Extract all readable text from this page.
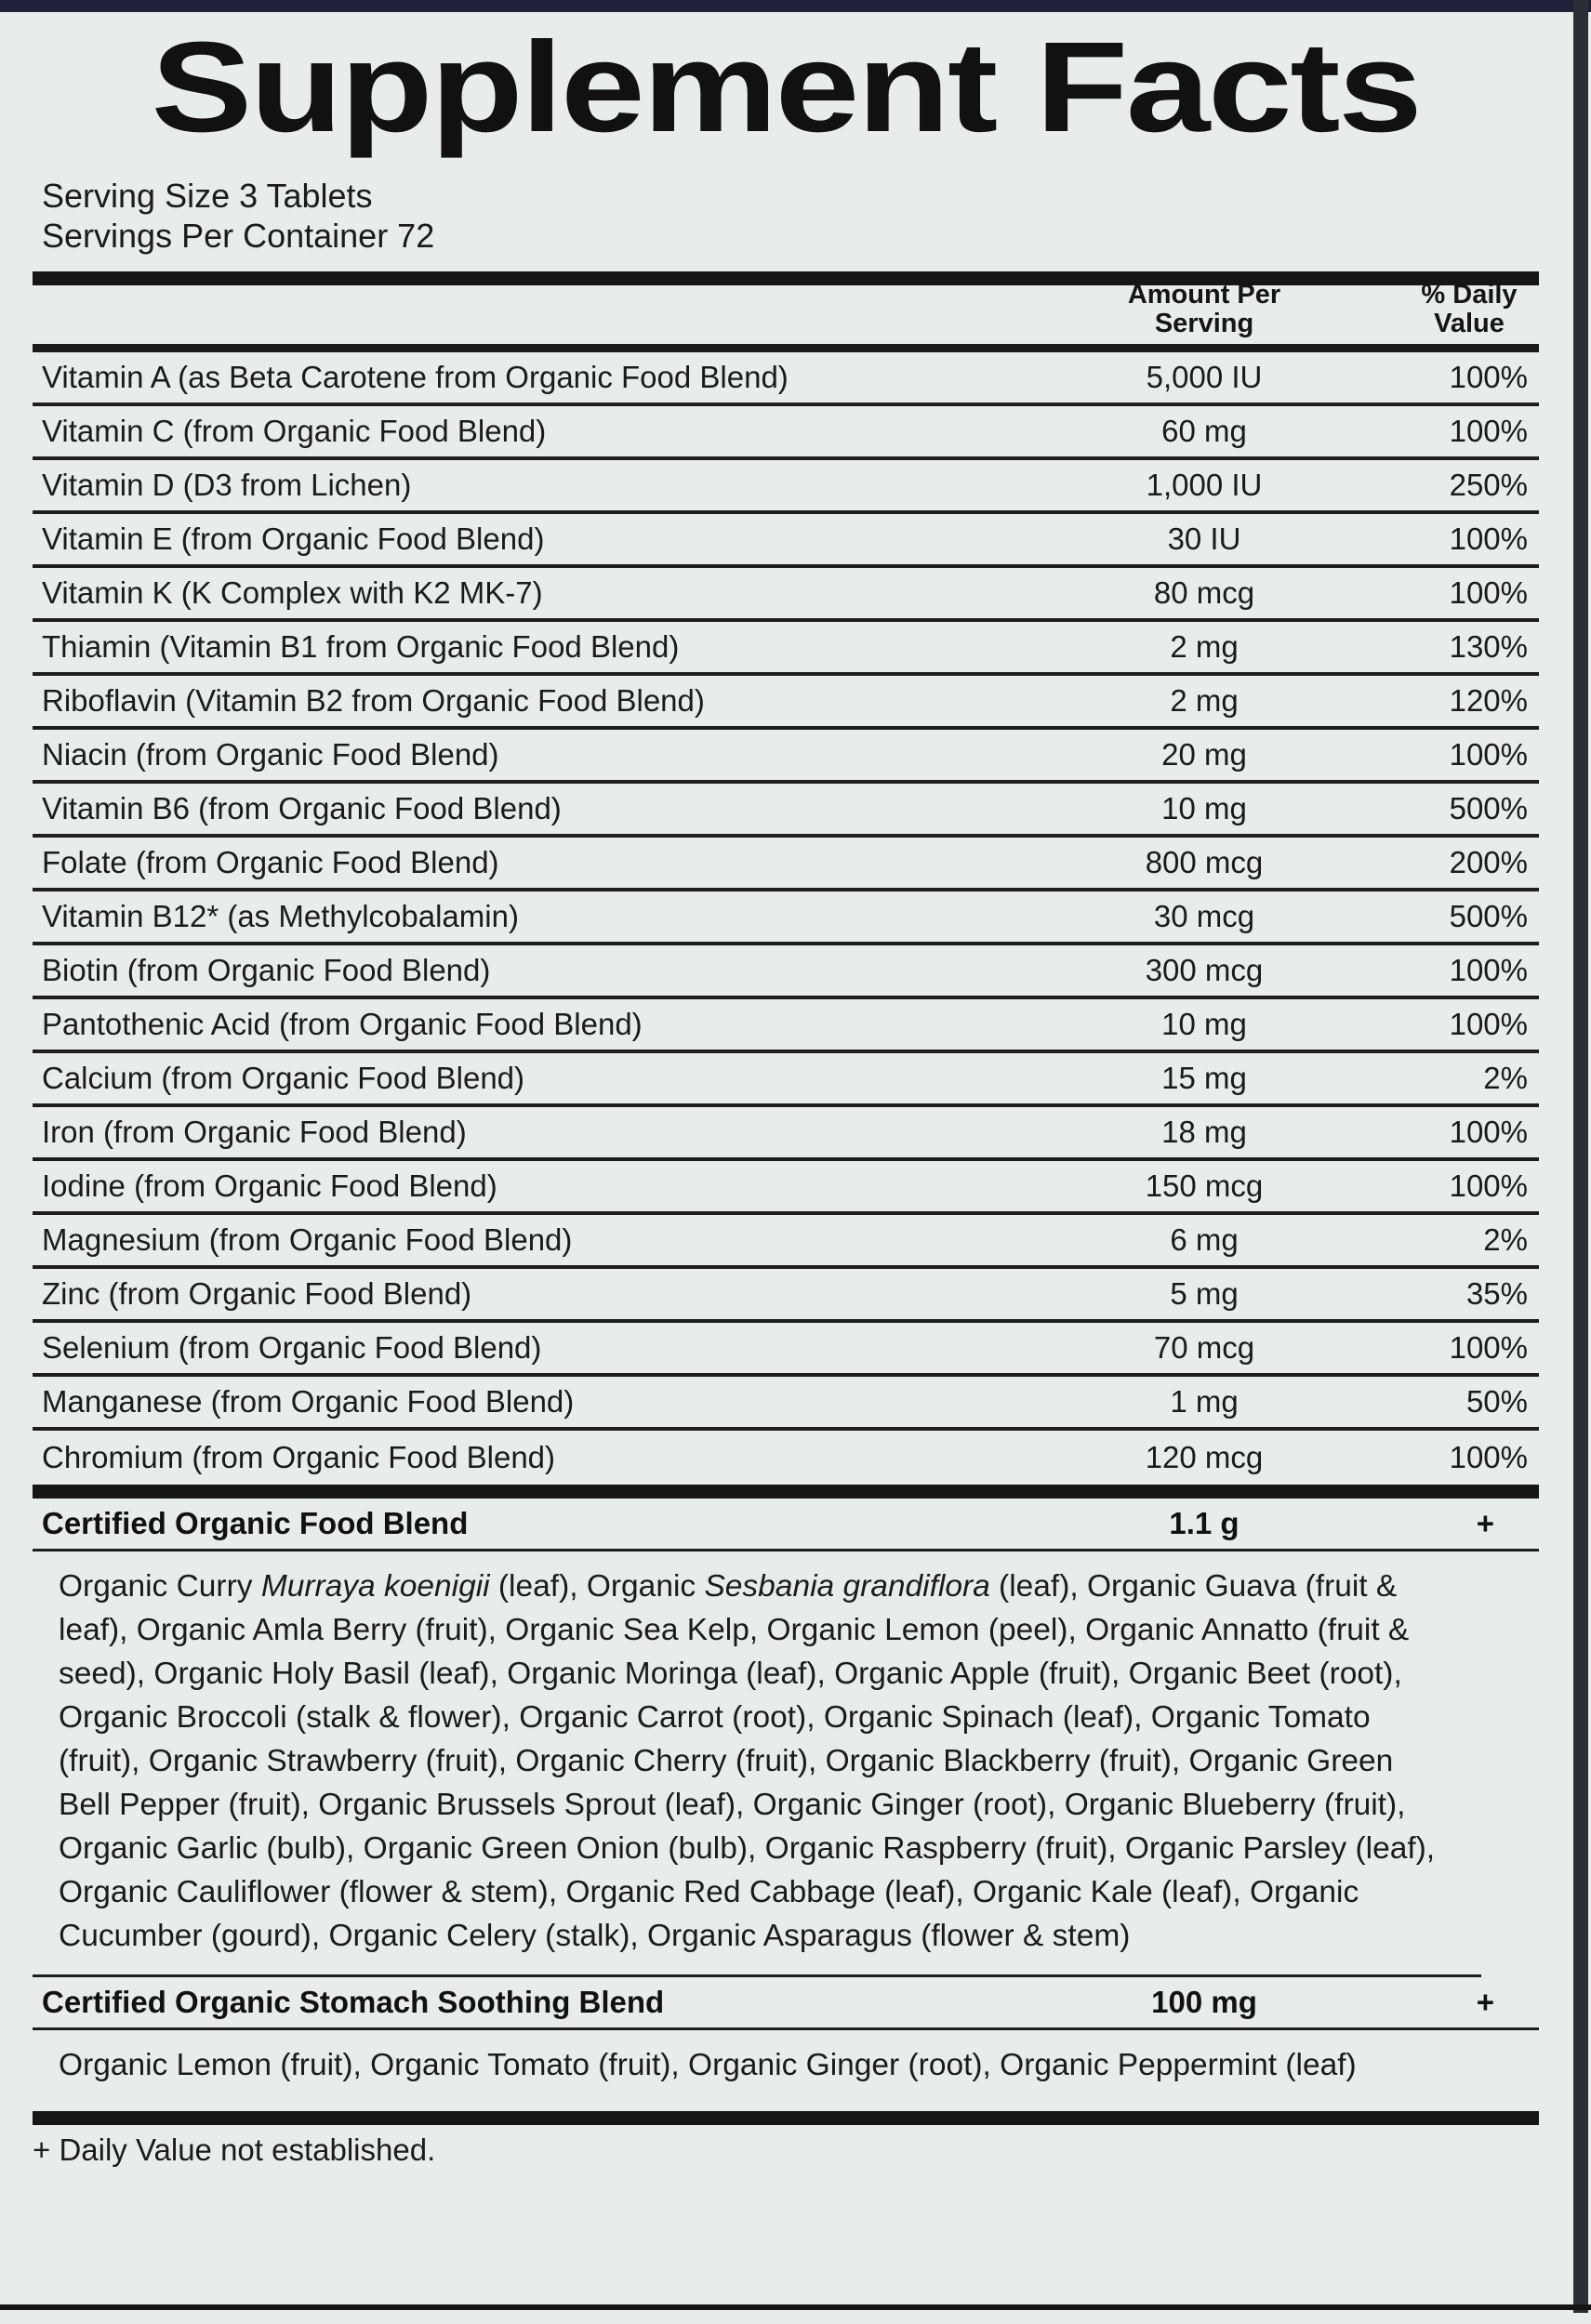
Supplement Facts
Serving Size 3 Tablets
Servings Per Container 72
Amount Per
Serving
% Daily
Value
Vitamin A (as Beta Carotene from Organic Food Blend)	5,000 IU	100%
Vitamin C (from Organic Food Blend)	60 mg	100%
Vitamin D (D3 from Lichen)	1,000 IU	250%
Vitamin E (from Organic Food Blend)	30 IU	100%
Vitamin K (K Complex with K2 MK-7)	80 mcg	100%
Thiamin (Vitamin B1 from Organic Food Blend)	2 mg	130%
Riboflavin (Vitamin B2 from Organic Food Blend)	2 mg	120%
Niacin (from Organic Food Blend)	20 mg	100%
Vitamin B6 (from Organic Food Blend)	10 mg	500%
Folate (from Organic Food Blend)	800 mcg	200%
Vitamin B12* (as Methylcobalamin)	30 mcg	500%
Biotin (from Organic Food Blend)	300 mcg	100%
Pantothenic Acid (from Organic Food Blend)	10 mg	100%
Calcium (from Organic Food Blend)	15 mg	2%
Iron (from Organic Food Blend)	18 mg	100%
Iodine (from Organic Food Blend)	150 mcg	100%
Magnesium (from Organic Food Blend)	6 mg	2%
Zinc (from Organic Food Blend)	5 mg	35%
Selenium (from Organic Food Blend)	70 mcg	100%
Manganese (from Organic Food Blend)	1 mg	50%
Chromium (from Organic Food Blend)	120 mcg	100%
Certified Organic Food Blend	1.1 g	+
Organic Curry Murraya koenigii (leaf), Organic Sesbania grandiflora (leaf), Organic Guava (fruit & leaf), Organic Amla Berry (fruit), Organic Sea Kelp, Organic Lemon (peel), Organic Annatto (fruit & seed), Organic Holy Basil (leaf), Organic Moringa (leaf), Organic Apple (fruit), Organic Beet (root), Organic Broccoli (stalk & flower), Organic Carrot (root), Organic Spinach (leaf), Organic Tomato (fruit), Organic Strawberry (fruit), Organic Cherry (fruit), Organic Blackberry (fruit), Organic Green Bell Pepper (fruit), Organic Brussels Sprout (leaf), Organic Ginger (root), Organic Blueberry (fruit), Organic Garlic (bulb), Organic Green Onion (bulb), Organic Raspberry (fruit), Organic Parsley (leaf), Organic Cauliflower (flower & stem), Organic Red Cabbage (leaf), Organic Kale (leaf), Organic Cucumber (gourd), Organic Celery (stalk), Organic Asparagus (flower & stem)
Certified Organic Stomach Soothing Blend	100 mg	+
Organic Lemon (fruit), Organic Tomato (fruit), Organic Ginger (root), Organic Peppermint (leaf)
+ Daily Value not established.
